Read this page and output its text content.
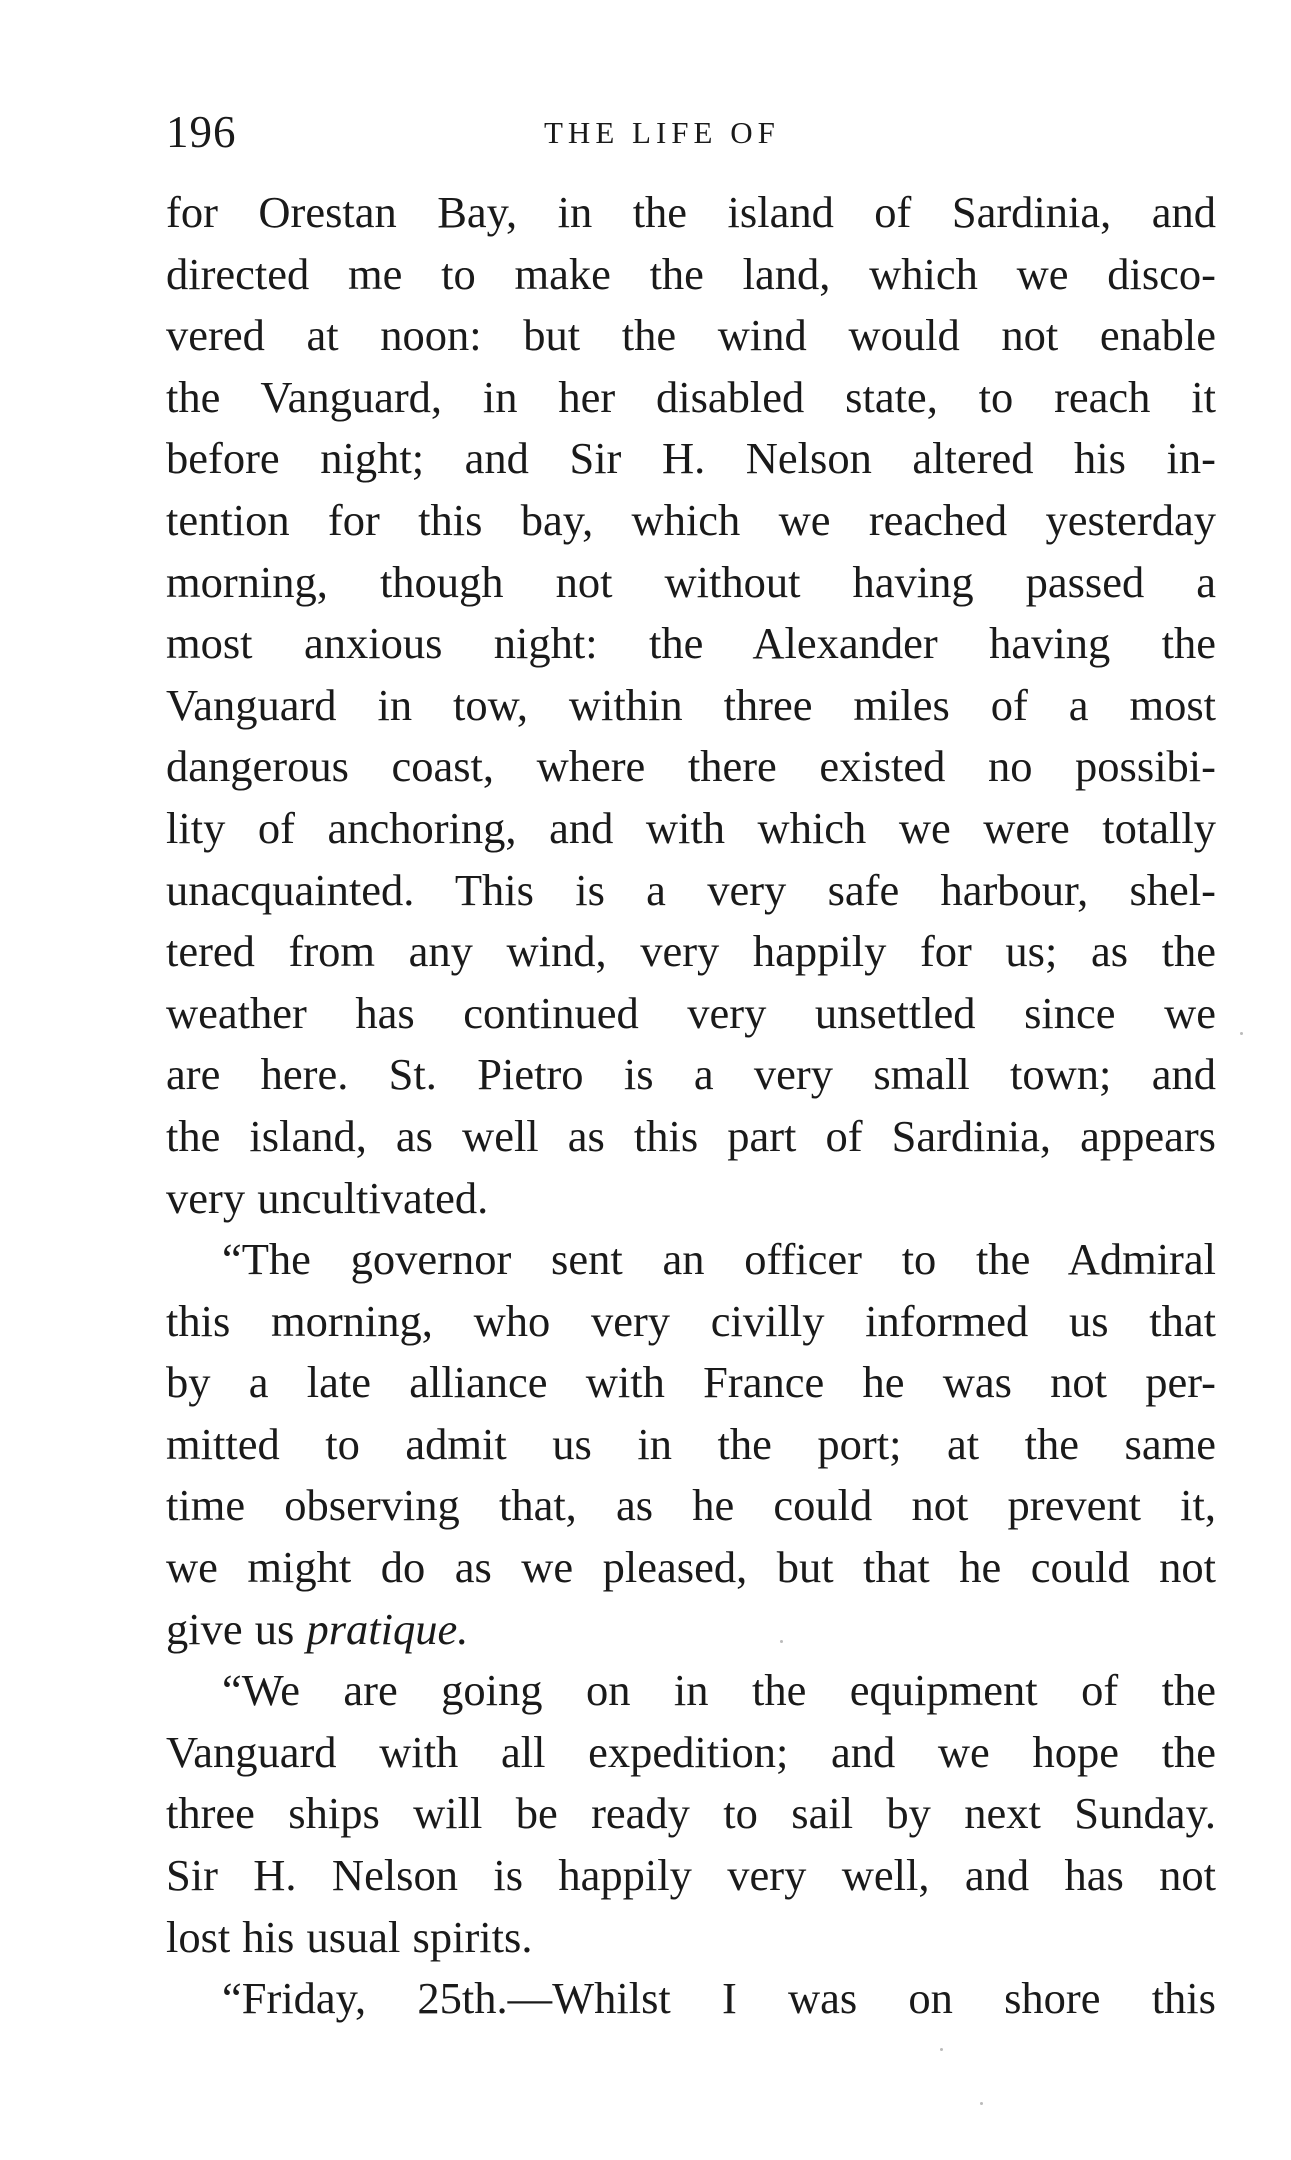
196	THE LIFE OF
for Orestan Bay, in the island of Sardinia, and
directed me to make the land, which we disco-
vered at noon: but the wind would not enable
the Vanguard, in her disabled state, to reach it
before night; and Sir H. Nelson altered his in-
tention for this bay, which we reached yesterday
morning, though not without having passed a
most anxious night: the Alexander having the
Vanguard in tow, within three miles of a most
dangerous coast, where there existed no possibi-
lity of anchoring, and with which we were totally
unacquainted. This is a very safe harbour, shel-
tered from any wind, very happily for us; as the
weather has continued very unsettled since we
are here. St. Pietro is a very small town; and
the island, as well as this part of Sardinia, appears
very uncultivated.
“The governor sent an officer to the Admiral
this morning, who very civilly informed us that
by a late alliance with France he was not per-
mitted to admit us in the port; at the same
time observing that, as he could not prevent it,
we might do as we pleased, but that he could not
give us pratique.
“We are going on in the equipment of the
Vanguard with all expedition; and we hope the
three ships will be ready to sail by next Sunday.
Sir H. Nelson is happily very well, and has not
lost his usual spirits.
“Friday, 25th.—Whilst I was on shore this
